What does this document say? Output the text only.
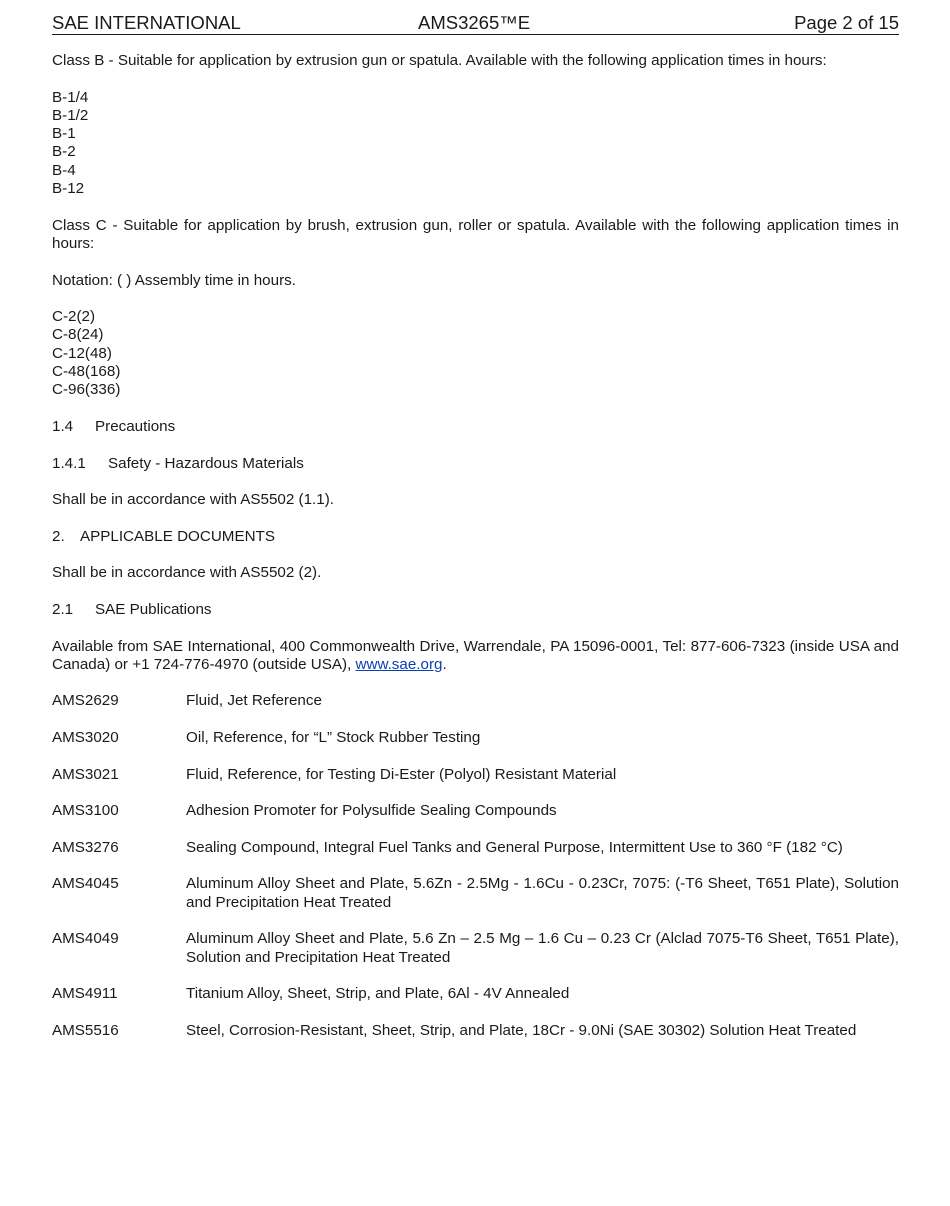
SAE INTERNATIONAL	AMS3265™E	Page 2 of 15

Class B - Suitable for application by extrusion gun or spatula. Available with the following application times in hours:

B-1/4

B-1/2

B-1

B-2

B-4

B-12

Class C - Suitable for application by brush, extrusion gun, roller or spatula. Available with the following application times in hours:

Notation: ( ) Assembly time in hours.

C-2(2)

C-8(24)

C-12(48)

C-48(168)

C-96(336)

1.4 Precautions

1.4.1 Safety - Hazardous Materials

Shall be in accordance with AS5502 (1.1).

2. APPLICABLE DOCUMENTS

Shall be in accordance with AS5502 (2).

2.1 SAE Publications

Available from SAE International, 400 Commonwealth Drive, Warrendale, PA 15096-0001, Tel: 877-606-7323 (inside USA and Canada) or +1 724-776-4970 (outside USA), www.sae.org.

AMS2629	Fluid, Jet Reference
AMS3020	Oil, Reference, for “L” Stock Rubber Testing
AMS3021	Fluid, Reference, for Testing Di-Ester (Polyol) Resistant Material
AMS3100	Adhesion Promoter for Polysulfide Sealing Compounds
AMS3276	Sealing Compound, Integral Fuel Tanks and General Purpose, Intermittent Use to 360 °F (182 °C)
AMS4045	Aluminum Alloy Sheet and Plate, 5.6Zn - 2.5Mg - 1.6Cu - 0.23Cr, 7075: (-T6 Sheet, T651 Plate), Solution and Precipitation Heat Treated
AMS4049	Aluminum Alloy Sheet and Plate, 5.6 Zn – 2.5 Mg – 1.6 Cu – 0.23 Cr (Alclad 7075-T6 Sheet, T651 Plate), Solution and Precipitation Heat Treated
AMS4911	Titanium Alloy, Sheet, Strip, and Plate, 6Al - 4V Annealed
AMS5516	Steel, Corrosion-Resistant, Sheet, Strip, and Plate, 18Cr - 9.0Ni (SAE 30302) Solution Heat Treated
